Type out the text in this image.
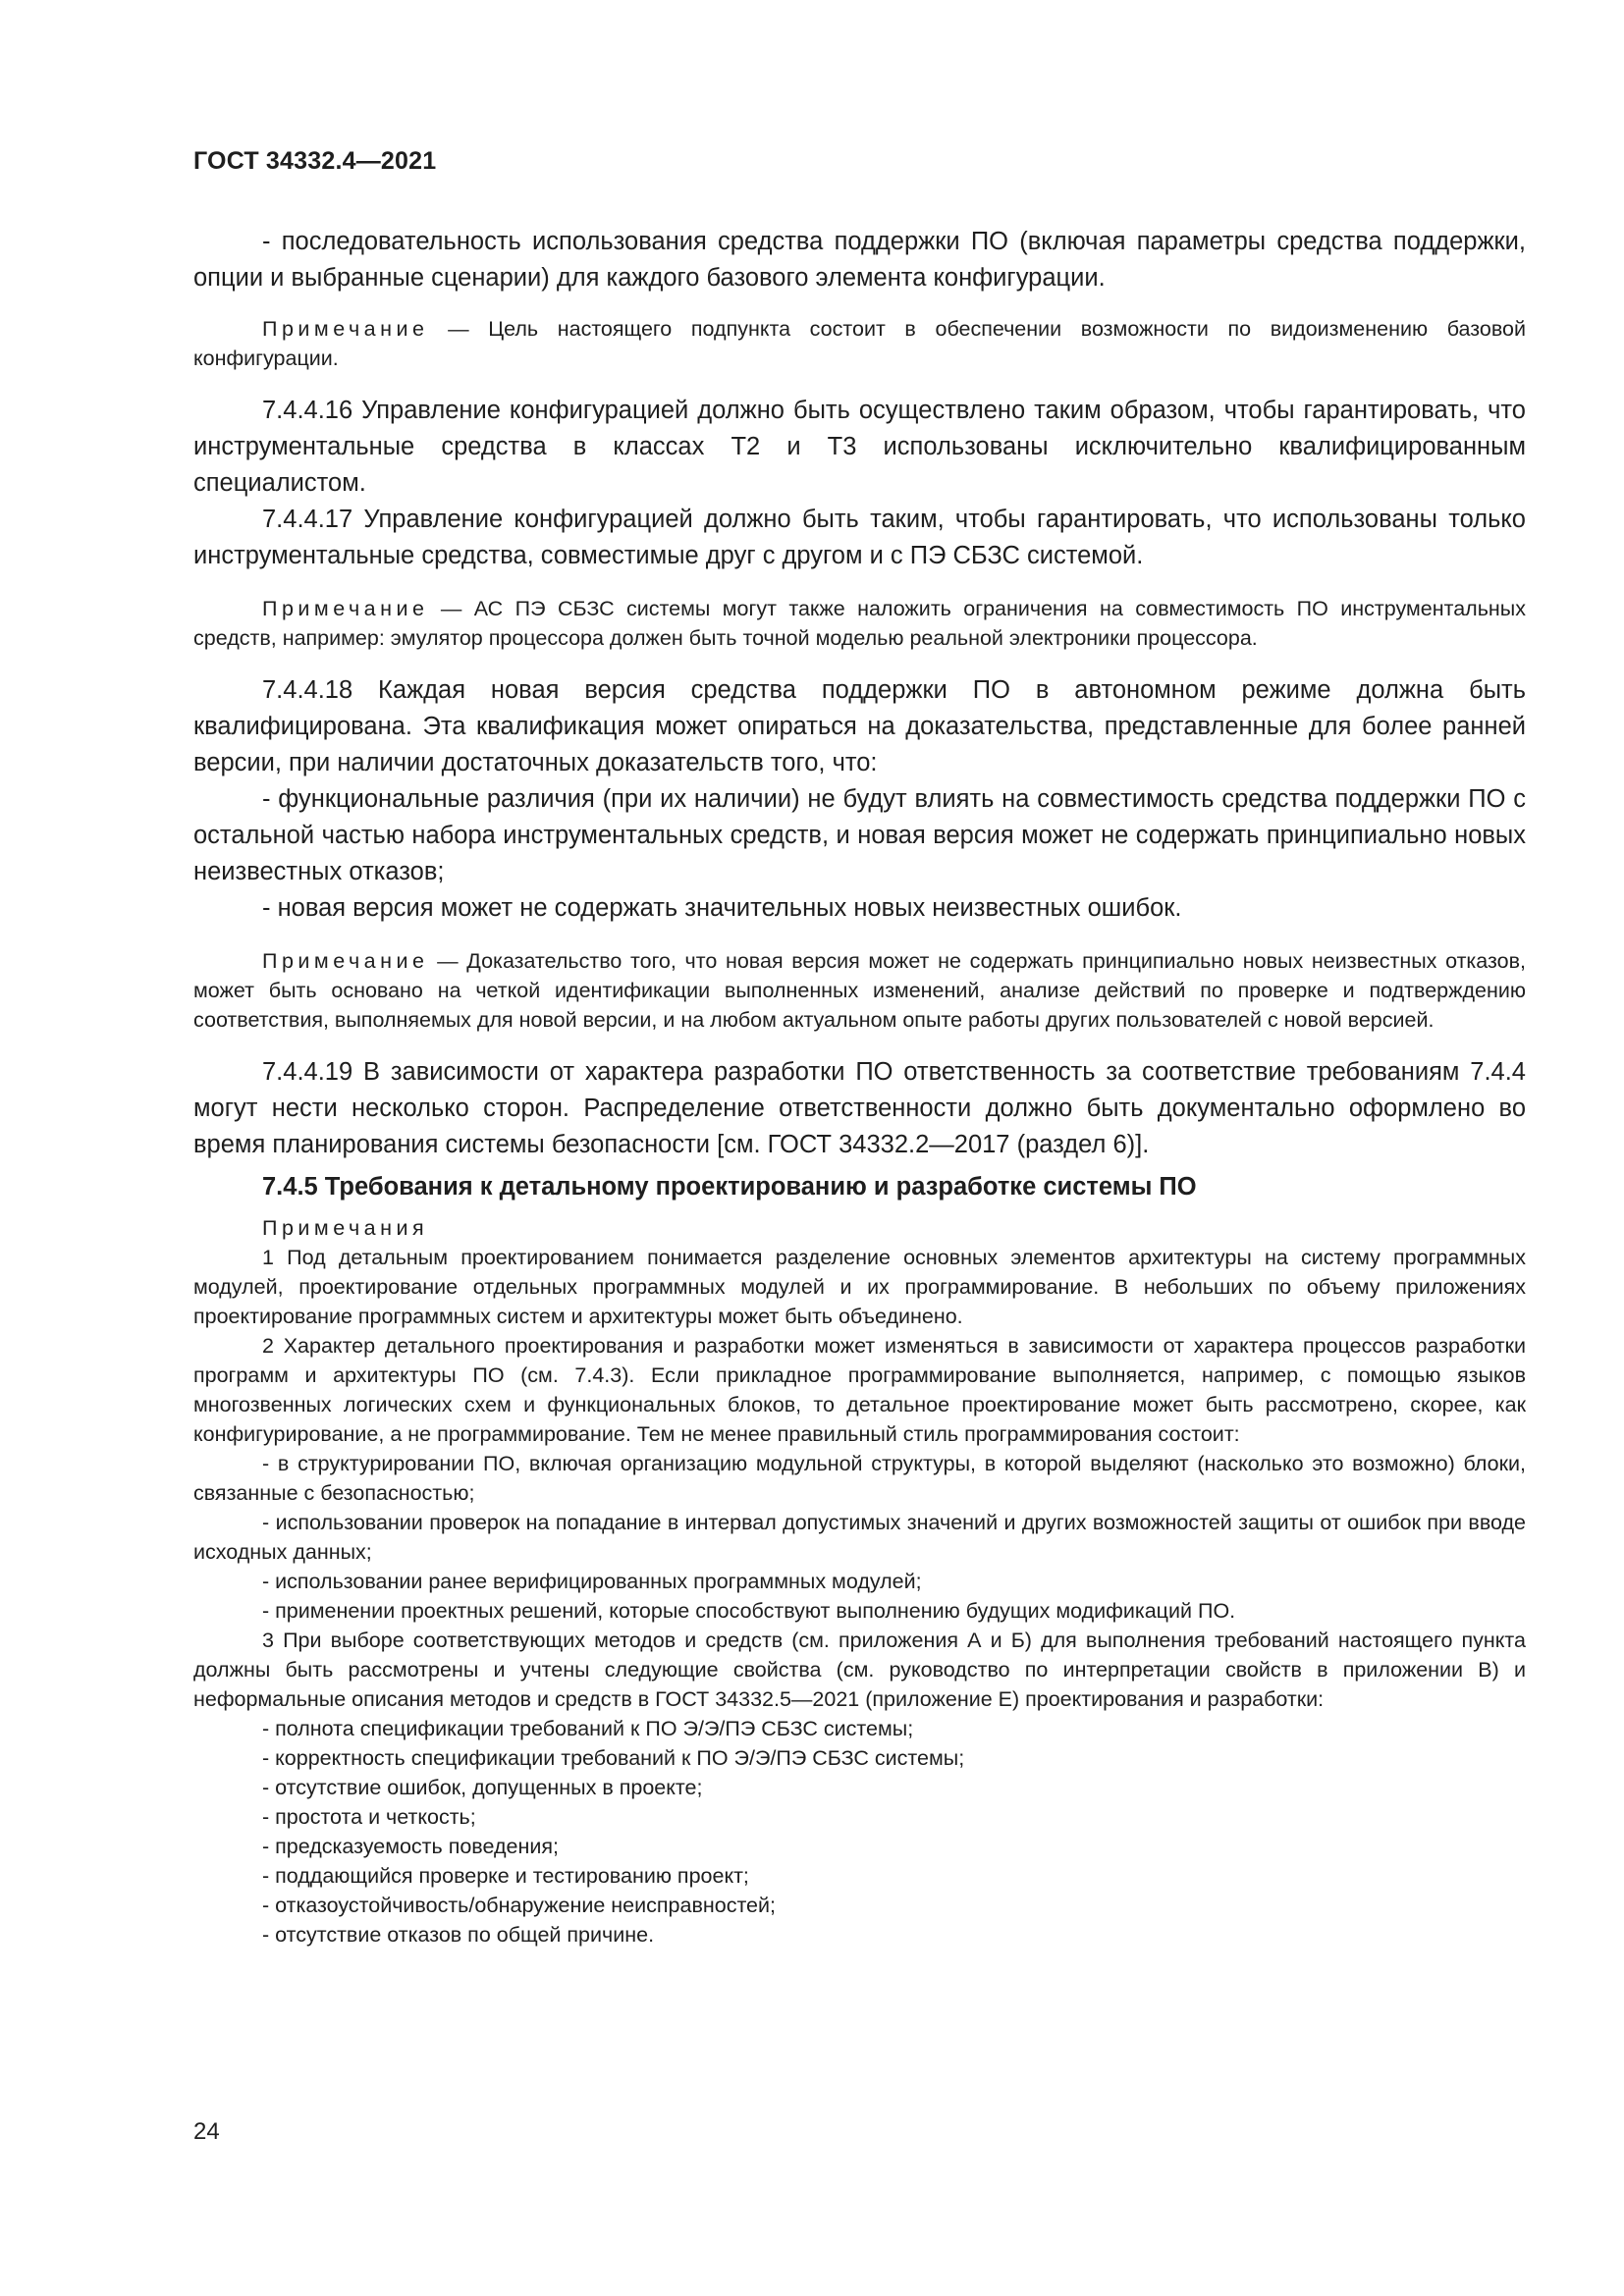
ГОСТ 34332.4—2021

- последовательность использования средства поддержки ПО (включая параметры средства поддержки, опции и выбранные сценарии) для каждого базового элемента конфигурации.

Примечание — Цель настоящего подпункта состоит в обеспечении возможности по видоизменению базовой конфигурации.

7.4.4.16 Управление конфигурацией должно быть осуществлено таким образом, чтобы гарантировать, что инструментальные средства в классах Т2 и Т3 использованы исключительно квалифицированным специалистом.

7.4.4.17 Управление конфигурацией должно быть таким, чтобы гарантировать, что использованы только инструментальные средства, совместимые друг с другом и с ПЭ СБЗС системой.

Примечание — АС ПЭ СБЗС системы могут также наложить ограничения на совместимость ПО инструментальных средств, например: эмулятор процессора должен быть точной моделью реальной электроники процессора.

7.4.4.18 Каждая новая версия средства поддержки ПО в автономном режиме должна быть квалифицирована. Эта квалификация может опираться на доказательства, представленные для более ранней версии, при наличии достаточных доказательств того, что:

- функциональные различия (при их наличии) не будут влиять на совместимость средства поддержки ПО с остальной частью набора инструментальных средств, и новая версия может не содержать принципиально новых неизвестных отказов;

- новая версия может не содержать значительных новых неизвестных ошибок.

Примечание — Доказательство того, что новая версия может не содержать принципиально новых неизвестных отказов, может быть основано на четкой идентификации выполненных изменений, анализе действий по проверке и подтверждению соответствия, выполняемых для новой версии, и на любом актуальном опыте работы других пользователей с новой версией.

7.4.4.19 В зависимости от характера разработки ПО ответственность за соответствие требованиям 7.4.4 могут нести несколько сторон. Распределение ответственности должно быть документально оформлено во время планирования системы безопасности [см. ГОСТ 34332.2—2017 (раздел 6)].

7.4.5 Требования к детальному проектированию и разработке системы ПО

Примечания

1 Под детальным проектированием понимается разделение основных элементов архитектуры на систему программных модулей, проектирование отдельных программных модулей и их программирование. В небольших по объему приложениях проектирование программных систем и архитектуры может быть объединено.

2 Характер детального проектирования и разработки может изменяться в зависимости от характера процессов разработки программ и архитектуры ПО (см. 7.4.3). Если прикладное программирование выполняется, например, с помощью языков многозвенных логических схем и функциональных блоков, то детальное проектирование может быть рассмотрено, скорее, как конфигурирование, а не программирование. Тем не менее правильный стиль программирования состоит:

- в структурировании ПО, включая организацию модульной структуры, в которой выделяют (насколько это возможно) блоки, связанные с безопасностью;

- использовании проверок на попадание в интервал допустимых значений и других возможностей защиты от ошибок при вводе исходных данных;

- использовании ранее верифицированных программных модулей;

- применении проектных решений, которые способствуют выполнению будущих модификаций ПО.

3 При выборе соответствующих методов и средств (см. приложения А и Б) для выполнения требований настоящего пункта должны быть рассмотрены и учтены следующие свойства (см. руководство по интерпретации свойств в приложении В) и неформальные описания методов и средств в ГОСТ 34332.5—2021 (приложение Е) проектирования и разработки:

- полнота спецификации требований к ПО Э/Э/ПЭ СБЗС системы;

- корректность спецификации требований к ПО Э/Э/ПЭ СБЗС системы;

- отсутствие ошибок, допущенных в проекте;

- простота и четкость;

- предсказуемость поведения;

- поддающийся проверке и тестированию проект;

- отказоустойчивость/обнаружение неисправностей;

- отсутствие отказов по общей причине.

24
